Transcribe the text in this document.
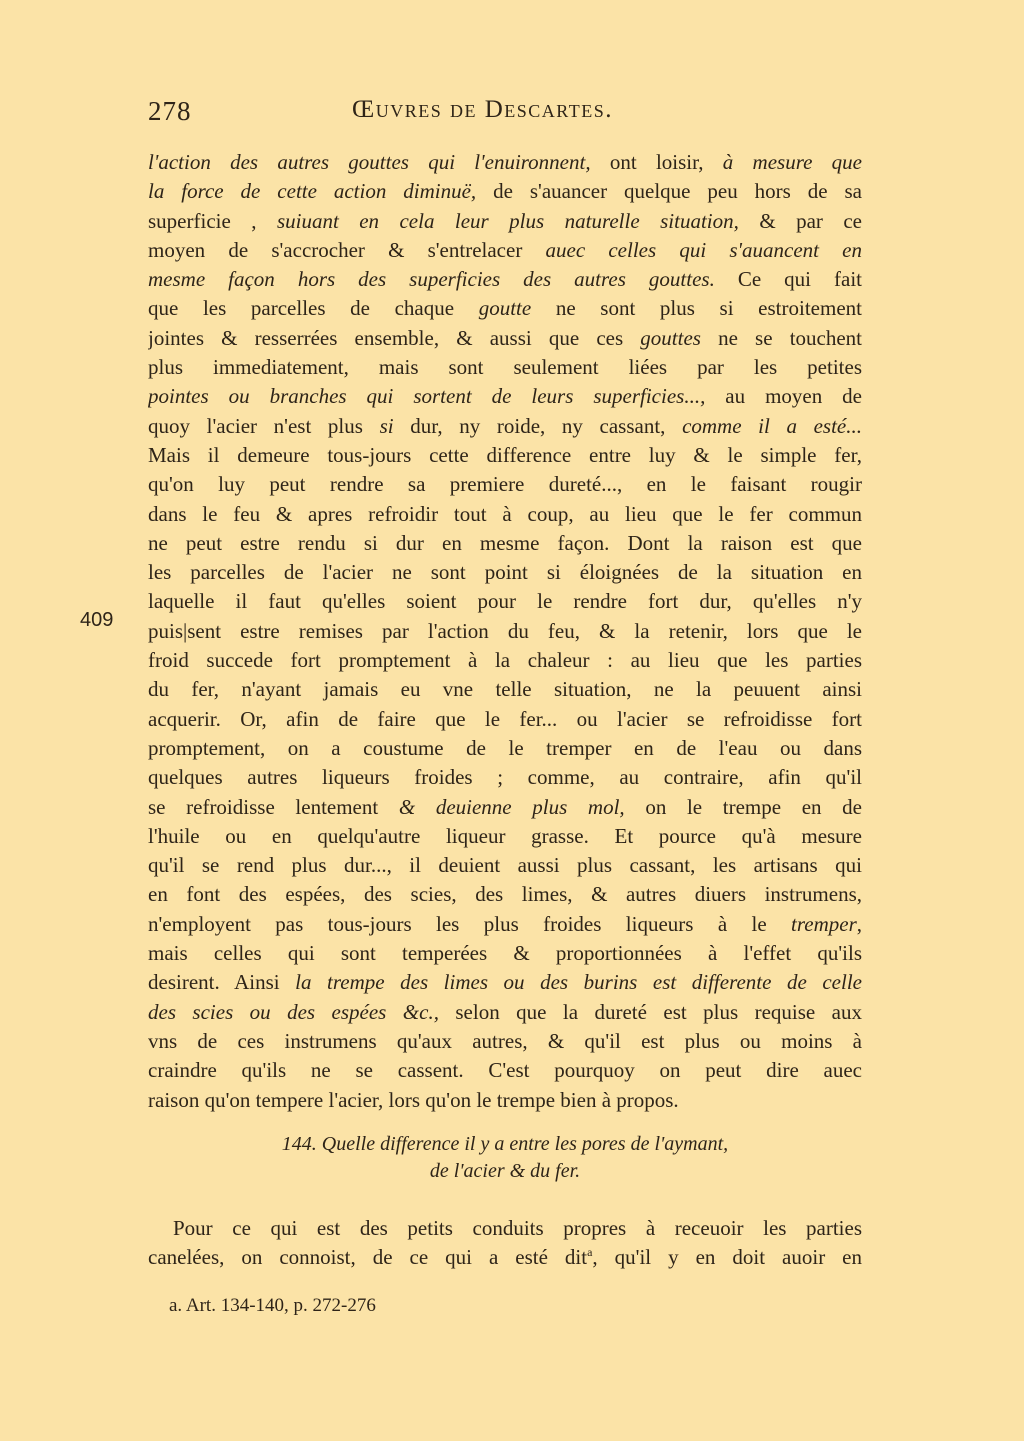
278	Œuvres de Descartes.
l'action des autres gouttes qui l'enuironnent, ont loisir, à mesure que
la force de cette action diminuë, de s'auancer quelque peu hors de sa
superficie , suiuant en cela leur plus naturelle situation, & par ce
moyen de s'accrocher & s'entrelacer auec celles qui s'auancent en
mesme façon hors des superficies des autres gouttes. Ce qui fait
que les parcelles de chaque goutte ne sont plus si estroitement
jointes & resserrées ensemble, & aussi que ces gouttes ne se touchent
plus immediatement, mais sont seulement liées par les petites
pointes ou branches qui sortent de leurs superficies..., au moyen de
quoy l'acier n'est plus si dur, ny roide, ny cassant, comme il a esté...
Mais il demeure tous-jours cette difference entre luy & le simple fer,
qu'on luy peut rendre sa premiere dureté..., en le faisant rougir
dans le feu & apres refroidir tout à coup, au lieu que le fer commun
ne peut estre rendu si dur en mesme façon. Dont la raison est que
les parcelles de l'acier ne sont point si éloignées de la situation en
laquelle il faut qu'elles soient pour le rendre fort dur, qu'elles n'y
puis|sent estre remises par l'action du feu, & la retenir, lors que le
froid succede fort promptement à la chaleur : au lieu que les parties
du fer, n'ayant jamais eu vne telle situation, ne la peuuent ainsi
acquerir. Or, afin de faire que le fer... ou l'acier se refroidisse fort
promptement, on a coustume de le tremper en de l'eau ou dans
quelques autres liqueurs froides ; comme, au contraire, afin qu'il
se refroidisse lentement & deuienne plus mol, on le trempe en de
l'huile ou en quelqu'autre liqueur grasse. Et pource qu'à mesure
qu'il se rend plus dur..., il deuient aussi plus cassant, les artisans qui
en font des espées, des scies, des limes, & autres diuers instrumens,
n'employent pas tous-jours les plus froides liqueurs à le tremper,
mais celles qui sont temperées & proportionnées à l'effet qu'ils
desirent. Ainsi la trempe des limes ou des burins est differente de celle
des scies ou des espées &c., selon que la dureté est plus requise aux
vns de ces instrumens qu'aux autres, & qu'il est plus ou moins à
craindre qu'ils ne se cassent. C'est pourquoy on peut dire auec
raison qu'on tempere l'acier, lors qu'on le trempe bien à propos.
409
144. Quelle difference il y a entre les pores de l'aymant,
de l'acier & du fer.
Pour ce qui est des petits conduits propres à receuoir les parties
canelées, on connoist, de ce qui a esté dit$^a$, qu'il y en doit auoir en
a. Art. 134-140, p. 272-276
